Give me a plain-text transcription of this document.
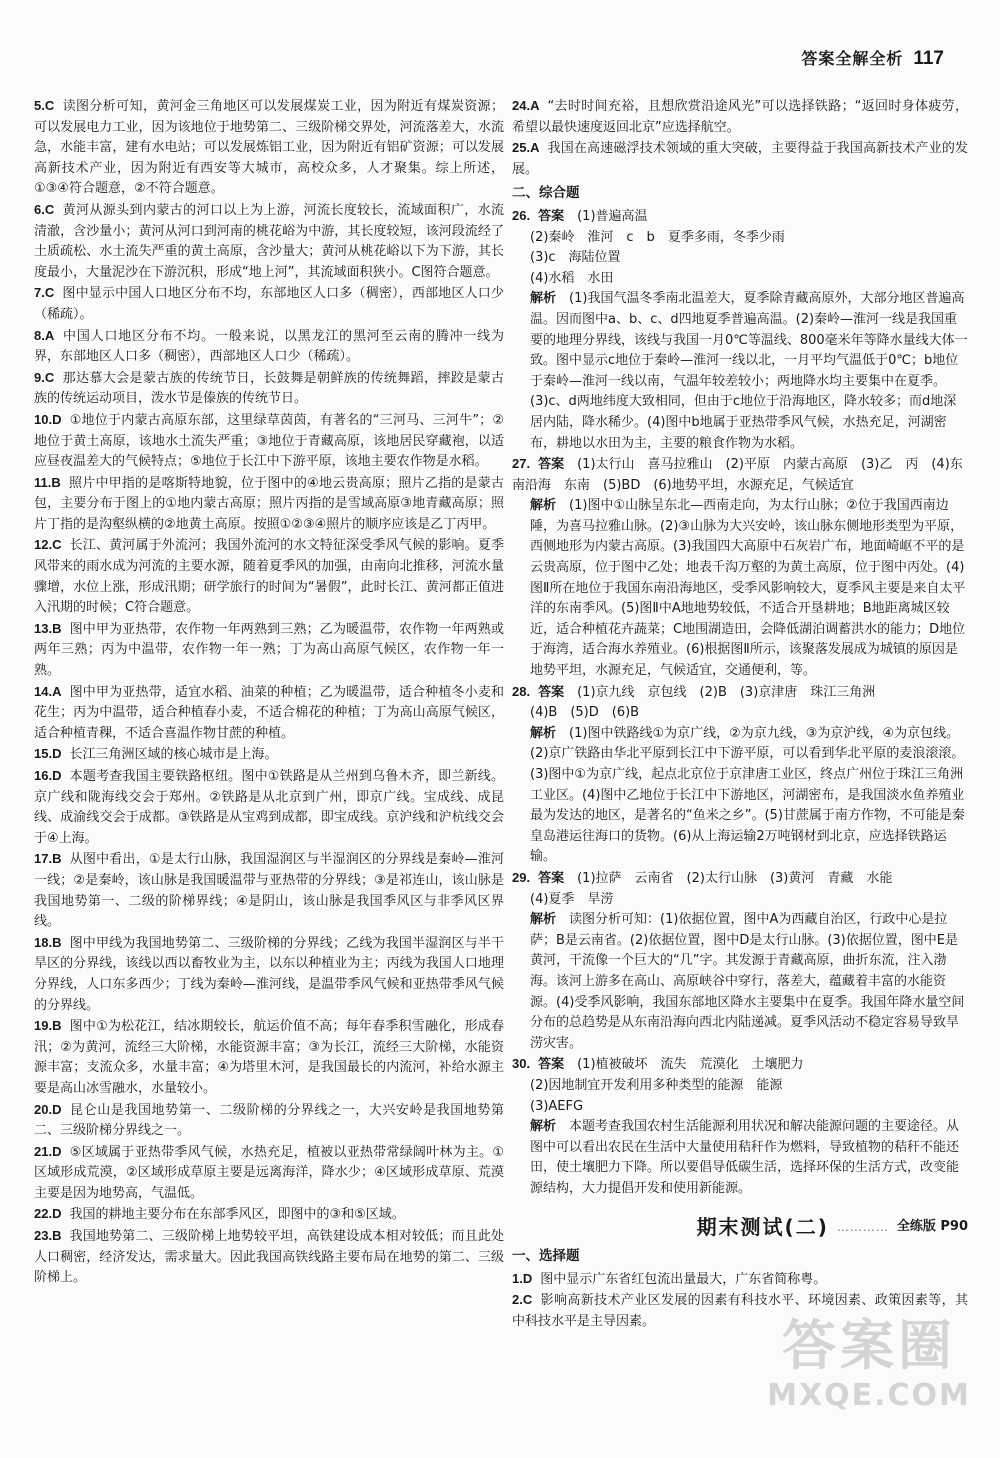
答案全解全析 117
5.C 读图分析可知，黄河金三角地区可以发展煤炭工业，因为附近有煤炭资源；可以发展电力工业，因为该地位于地势第二、三级阶梯交界处，河流落差大，水流急，水能丰富，建有水电站；可以发展炼铝工业，因为附近有铝矿资源；可以发展高新技术产业，因为附近有西安等大城市，高校众多，人才聚集。综上所述，①③④符合题意，②不符合题意。
6.C 黄河从源头到内蒙古的河口以上为上游，河流长度较长，流域面积广，水流清澈，含沙量小；黄河从河口到河南的桃花峪为中游，其长度较短，该河段流经了土质疏松、水土流失严重的黄土高原，含沙量大；黄河从桃花峪以下为下游，其长度最小，大量泥沙在下游沉积，形成“地上河”，其流域面积狭小。C图符合题意。
7.C 图中显示中国人口地区分布不均，东部地区人口多（稠密），西部地区人口少（稀疏）。
8.A 中国人口地区分布不均。一般来说，以黑龙江的黑河至云南的腾冲一线为界，东部地区人口多（稠密），西部地区人口少（稀疏）。
9.C 那达慕大会是蒙古族的传统节日，长鼓舞是朝鲜族的传统舞蹈，摔跤是蒙古族的传统运动项目，泼水节是傣族的传统节日。
10.D ①地位于内蒙古高原东部，这里绿草茵茵，有著名的“三河马、三河牛”；②地位于黄土高原，该地水土流失严重；③地位于青藏高原，该地居民穿藏袍，以适应昼夜温差大的气候特点；⑤地位于长江中下游平原，该地主要农作物是水稻。
11.B 照片中甲指的是喀斯特地貌，位于图中的④地云贵高原；照片乙指的是蒙古包，主要分布于图上的①地内蒙古高原；照片丙指的是雪域高原③地青藏高原；照片丁指的是沟壑纵横的②地黄土高原。按照①②③④照片的顺序应该是乙丁丙甲。
12.C 长江、黄河属于外流河；我国外流河的水文特征深受季风气候的影响。夏季风带来的雨水成为河流的主要水源，随着夏季风的加强，由南向北推移，河流水量骤增，水位上涨，形成汛期；研学旅行的时间为“暑假”，此时长江、黄河都正值进入汛期的时候；C符合题意。
13.B 图中甲为亚热带，农作物一年两熟到三熟；乙为暖温带，农作物一年两熟或两年三熟；丙为中温带，农作物一年一熟；丁为高山高原气候区，农作物一年一熟。
14.A 图中甲为亚热带，适宜水稻、油菜的种植；乙为暖温带，适合种植冬小麦和花生；丙为中温带，适合种植春小麦，不适合棉花的种植；丁为高山高原气候区，适合种植青稞，不适合喜温作物甘蔗的种植。
15.D 长江三角洲区域的核心城市是上海。
16.D 本题考查我国主要铁路枢纽。图中①铁路是从兰州到乌鲁木齐，即兰新线。京广线和陇海线交会于郑州。②铁路是从北京到广州，即京广线。宝成线、成昆线、成渝线交会于成都。③铁路是从宝鸡到成都，即宝成线。京沪线和沪杭线交会于④上海。
17.B 从图中看出，①是太行山脉，我国湿润区与半湿润区的分界线是秦岭—淮河一线；②是秦岭，该山脉是我国暖温带与亚热带的分界线；③是祁连山，该山脉是我国地势第一、二级的阶梯界线；④是阴山，该山脉是我国季风区与非季风区界线。
18.B 图中甲线为我国地势第二、三级阶梯的分界线；乙线为我国半湿润区与半干旱区的分界线，该线以西以畜牧业为主，以东以种植业为主；丙线为我国人口地理分界线，人口东多西少；丁线为秦岭—淮河线，是温带季风气候和亚热带季风气候的分界线。
19.B 图中①为松花江，结冰期较长，航运价值不高；每年春季积雪融化，形成春汛；②为黄河，流经三大阶梯，水能资源丰富；③为长江，流经三大阶梯，水能资源丰富；支流众多，水量丰富；④为塔里木河，是我国最长的内流河，补给水源主要是高山冰雪融水，水量较小。
20.D 昆仑山是我国地势第一、二级阶梯的分界线之一，大兴安岭是我国地势第二、三级阶梯分界线之一。
21.D ⑤区域属于亚热带季风气候，水热充足，植被以亚热带常绿阔叶林为主。①区域形成荒漠，②区域形成草原主要是远离海洋，降水少；④区域形成草原、荒漠主要是因为地势高，气温低。
22.D 我国的耕地主要分布在东部季风区，即图中的③和⑤区域。
23.B 我国地势第二、三级阶梯上地势较平坦，高铁建设成本相对较低；而且此处人口稠密，经济发达，需求量大。因此我国高铁线路主要布局在地势的第二、三级阶梯上。
24.A “去时时间充裕，且想欣赏沿途风光”可以选择铁路；“返回时身体疲劳，希望以最快速度返回北京”应选择航空。
25.A 我国在高速磁浮技术领域的重大突破，主要得益于我国高新技术产业的发展。
二、综合题
26. 答案　 (1)普遍高温
(2)秦岭　淮河　c　b　夏季多雨，冬季少雨
(3)c　海陆位置
(4)水稻　水田
解析　 (1)我国气温冬季南北温差大，夏季除青藏高原外，大部分地区普遍高温。因而图中a、b、c、d四地夏季普遍高温。(2)秦岭—淮河一线是我国重要的地理分界线，该线与我国一月0℃等温线、800毫米年等降水量线大体一致。图中显示c地位于秦岭—淮河一线以北，一月平均气温低于0℃；b地位于秦岭—淮河一线以南，气温年较差较小；两地降水均主要集中在夏季。(3)c、d两地纬度大致相同，但由于c地位于沿海地区，降水较多；而d地深居内陆，降水稀少。(4)图中b地属于亚热带季风气候，水热充足，河湖密布，耕地以水田为主，主要的粮食作物为水稻。
27. 答案　 (1)太行山　喜马拉雅山　(2)平原　内蒙古高原　(3)乙　丙　(4)东南沿海　东南　(5)BD　(6)地势平坦，水源充足，气候适宜
解析　 (1)图中①山脉呈东北—西南走向，为太行山脉；②位于我国西南边陲，为喜马拉雅山脉。(2)③山脉为大兴安岭，该山脉东侧地形类型为平原，西侧地形为内蒙古高原。(3)我国四大高原中石灰岩广布，地面崎岖不平的是云贵高原，位于图中乙处；地表千沟万壑的为黄土高原，位于图中丙处。(4)图Ⅱ所在地位于我国东南沿海地区，受季风影响较大，夏季风主要是来自太平洋的东南季风。(5)图Ⅱ中A地地势较低，不适合开垦耕地；B地距离城区较近，适合种植花卉蔬菜；C地围湖造田，会降低湖泊调蓄洪水的能力；D地位于海湾，适合海水养殖业。(6)根据图Ⅱ所示，该聚落发展成为城镇的原因是地势平坦，水源充足，气候适宜，交通便利，等。
28. 答案　 (1)京九线　京包线　(2)B　(3)京津唐　珠江三角洲
(4)B　(5)D　(6)B
解析　 (1)图中铁路线①为京广线，②为京九线，③为京沪线，④为京包线。(2)京广铁路由华北平原到长江中下游平原，可以看到华北平原的麦浪滚滚。(3)图中①为京广线，起点北京位于京津唐工业区，终点广州位于珠江三角洲工业区。(4)图中乙地位于长江中下游地区，河湖密布，是我国淡水鱼养殖业最为发达的地区，是著名的“鱼米之乡”。(5)甘蔗属于南方作物，不可能是秦皇岛港运往海口的货物。(6)从上海运输2万吨钢材到北京，应选择铁路运输。
29. 答案　 (1)拉萨　云南省　(2)太行山脉　(3)黄河　青藏　水能
(4)夏季　旱涝
解析　 读图分析可知：(1)依据位置，图中A为西藏自治区，行政中心是拉萨；B是云南省。(2)依据位置，图中D是太行山脉。(3)依据位置，图中E是黄河，干流像一个巨大的“几”字。其发源于青藏高原，曲折东流，注入渤海。该河上游多在高山、高原峡谷中穿行，落差大，蕴藏着丰富的水能资源。(4)受季风影响，我国东部地区降水主要集中在夏季。我国年降水量空间分布的总趋势是从东南沿海向西北内陆递减。夏季风活动不稳定容易导致旱涝灾害。
30. 答案　 (1)植被破坏　流失　荒漠化　土壤肥力
(2)因地制宜开发利用多种类型的能源　能源
(3)AEFG
解析　 本题考查我国农村生活能源利用状况和解决能源问题的主要途径。从图中可以看出农民在生活中大量使用秸秆作为燃料，导致植物的秸秆不能还田，使土壤肥力下降。所以要倡导低碳生活，选择环保的生活方式，改变能源结构，大力提倡开发和使用新能源。
期末测试(二) ………… 全练版 P90
一、选择题
1.D 图中显示广东省红包流出量最大，广东省简称粤。
2.C 影响高新技术产业区发展的因素有科技水平、环境因素、政策因素等，其中科技水平是主导因素。	答案圈
MXQE.COM
